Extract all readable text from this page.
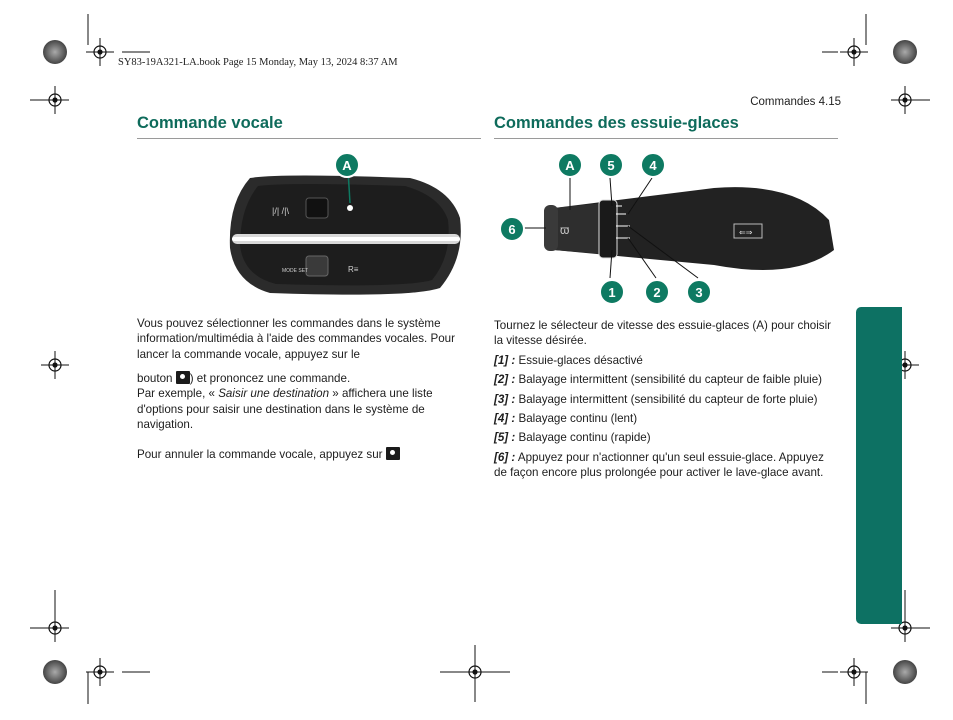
SY83-19A321-LA.book Page 15 Monday, May 13, 2024 8:37 AM
Commandes 4.15
Commande vocale
|/| /|\
MODE SET	R≡
A

Vous pouvez sélectionner les commandes dans le système information/multimédia à l'aide des commandes vocales. Pour lancer la commande vocale, appuyez sur le

bouton ) et prononcez une commande.

Par exemple, « Saisir une destination » affichera une liste d'options pour saisir une destination dans le système de navigation.

Pour annuler la commande vocale, appuyez sur

Commandes des essuie-glaces
⇐⇒
ϖ
A	5	4
6
1	2	3

Tournez le sélecteur de vitesse des essuie-glaces (A) pour choisir la vitesse désirée.

[1] : Essuie-glaces désactivé

[2] : Balayage intermittent (sensibilité du capteur de faible pluie)

[3] : Balayage intermittent (sensibilité du capteur de forte pluie)

[4] : Balayage continu (lent)

[5] : Balayage continu (rapide)

[6] : Appuyez pour n'actionner qu'un seul essuie-glace. Appuyez de façon encore plus prolongée pour activer le lave-glace avant.
